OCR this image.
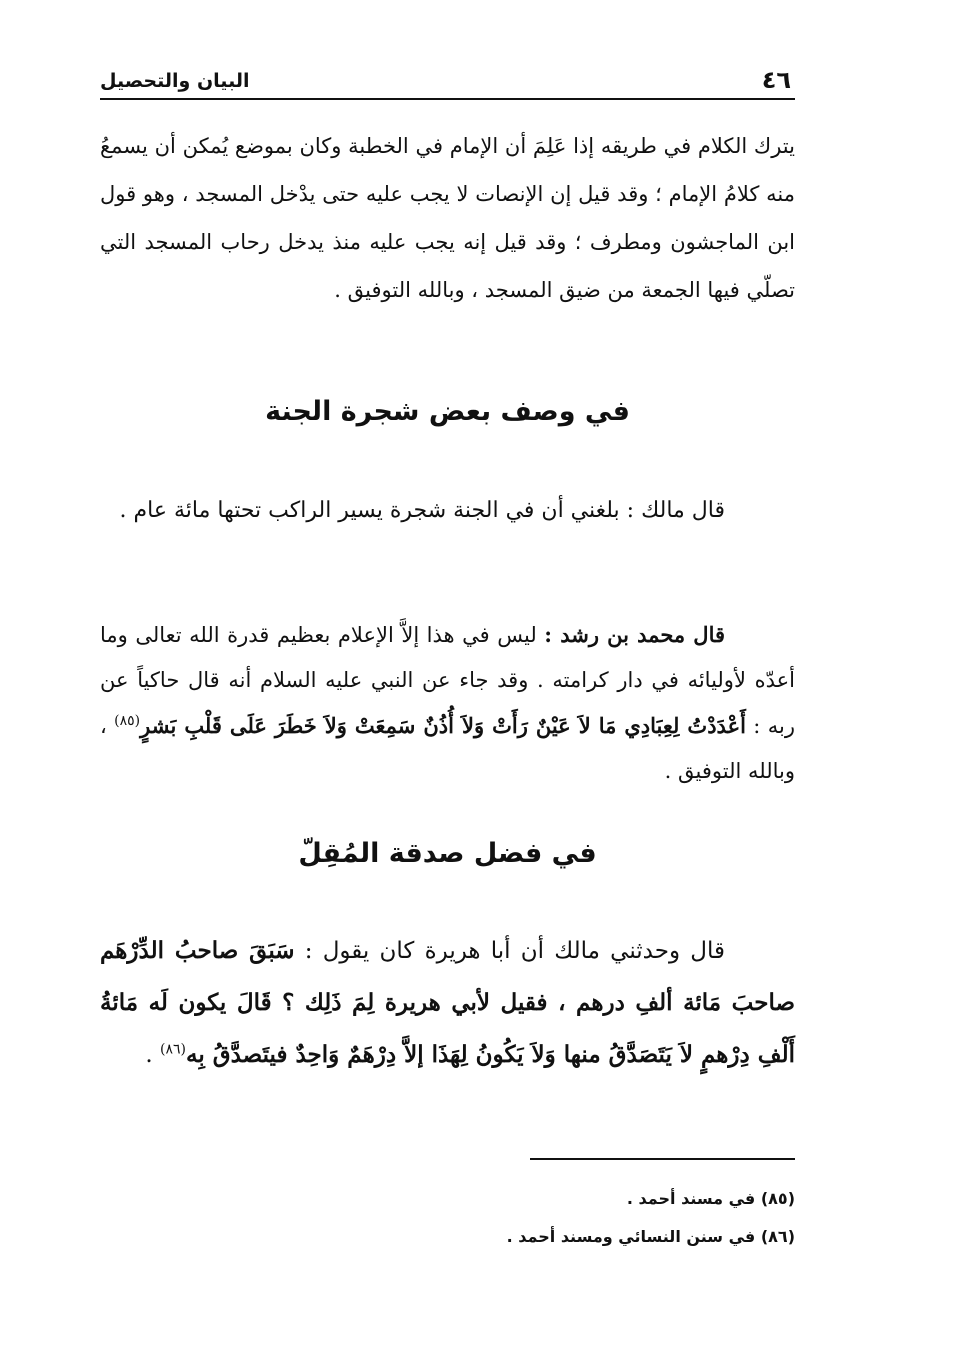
٤٦
البيان والتحصيل

يترك الكلام في طريقه إذا عَلِمَ أن الإمام في الخطبة وكان بموضع يُمكن أن يسمعُ منه كلامُ الإمام ؛ وقد قيل إن الإنصات لا يجب عليه حتى يدْخل المسجد ، وهو قول ابن الماجشون ومطرف ؛ وقد قيل إنه يجب عليه منذ يدخل رحاب المسجد التي تصلّي فيها الجمعة من ضيق المسجد ، وبالله التوفيق .

في وصف بعض شجرة الجنة

قال مالك : بلغني أن في الجنة شجرة يسير الراكب تحتها مائة عام .

قال محمد بن رشد : ليس في هذا إلاَّ الإعلام بعظيم قدرة الله تعالى وما أعدّه لأوليائه في دار كرامته . وقد جاء عن النبي عليه السلام أنه قال حاكياً عن ربه : أَعْدَدْتُ لِعِبَادِي مَا لاَ عَيْنٌ رَأَتْ وَلاَ أُذُنٌ سَمِعَتْ وَلاَ خَطَرَ عَلَى قَلْبِ بَشرٍ$^{(٨٥)}$ ، وبالله التوفيق .

في فضل صدقة المُقِلّ

قال وحدثني مالك أن أبا هريرة كان يقول : سَبَقَ صاحبُ الدِّرْهَم صاحبَ مَائة ألفِ درهم ، فقيل لأبي هريرة لِمَ ذَلِك ؟ قَالَ يكون لَه مَائةُ أَلْفِ دِرْهمٍ لاَ يَتَصَدَّقُ منها وَلاَ يَكُونُ لِهَذَا إلاَّ دِرْهَمٌ وَاحِدٌ فيتَصدَّقُ بِه$^{(٨٦)}$ .

(٨٥) في مسند أحمد .
(٨٦) في سنن النسائي ومسند أحمد .
